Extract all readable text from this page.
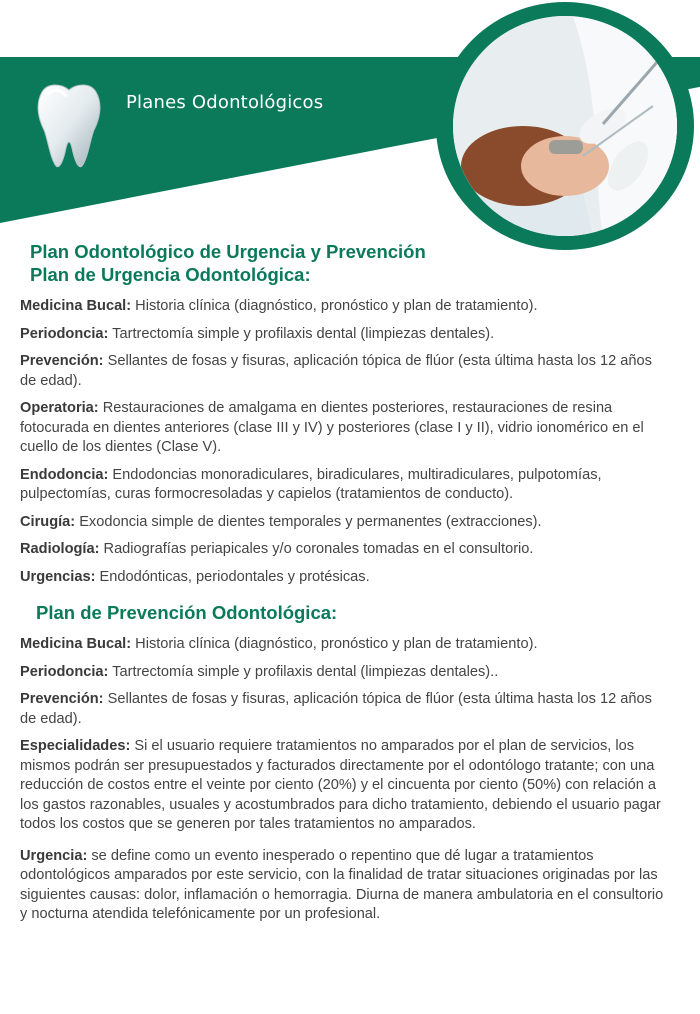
Planes Odontológicos
Plan Odontológico de Urgencia y Prevención
Plan de Urgencia Odontológica:
Medicina Bucal: Historia clínica (diagnóstico, pronóstico y plan de tratamiento).
Periodoncia: Tartrectomía simple y profilaxis dental (limpiezas dentales).
Prevención: Sellantes de fosas y fisuras, aplicación tópica de flúor (esta última hasta los 12 años de edad).
Operatoria: Restauraciones de amalgama en dientes posteriores, restauraciones de resina fotocurada en dientes anteriores (clase III y IV) y posteriores (clase I y II), vidrio ionomérico en el cuello de los dientes (Clase V).
Endodoncia: Endodoncias monoradiculares, biradiculares, multiradiculares, pulpotomías, pulpectomías, curas formocresoladas y capielos (tratamientos de conducto).
Cirugía: Exodoncia simple de dientes temporales y permanentes (extracciones).
Radiología: Radiografías periapicales y/o coronales tomadas en el consultorio.
Urgencias: Endodónticas, periodontales y protésicas.
Plan de Prevención Odontológica:
Medicina Bucal: Historia clínica (diagnóstico, pronóstico y plan de tratamiento).
Periodoncia: Tartrectomía simple y profilaxis dental (limpiezas dentales)..
Prevención: Sellantes de fosas y fisuras, aplicación tópica de flúor (esta última hasta los 12 años de edad).
Especialidades: Si el usuario requiere tratamientos no amparados por el plan de servicios, los mismos podrán ser presupuestados y facturados directamente por el odontólogo tratante; con una reducción de costos entre el veinte por ciento (20%) y el cincuenta por ciento (50%) con relación a los gastos razonables, usuales y acostumbrados para dicho tratamiento, debiendo el usuario pagar todos los costos que se generen por tales tratamientos no amparados.
Urgencia: se define como un evento inesperado o repentino que dé lugar a tratamientos odontológicos amparados por este servicio, con la finalidad de tratar situaciones originadas por las siguientes causas: dolor, inflamación o hemorragia. Diurna de manera ambulatoria en el consultorio y nocturna atendida telefónicamente por un profesional.
